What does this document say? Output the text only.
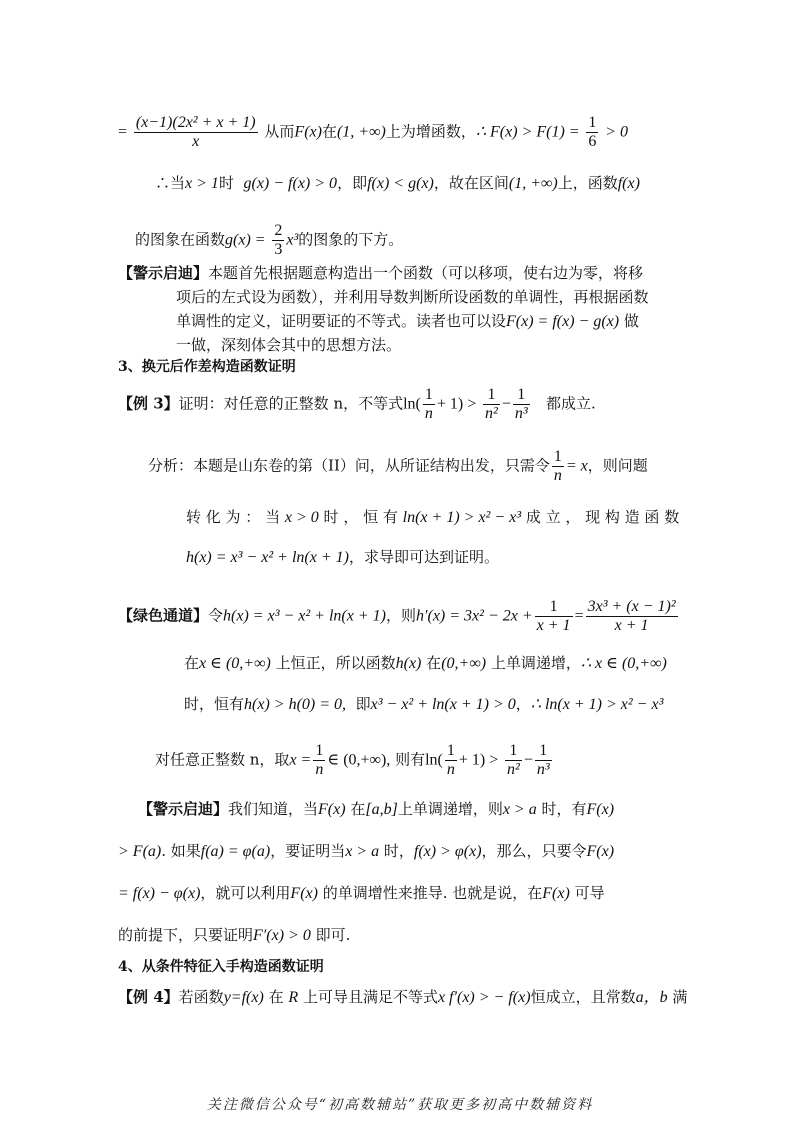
= $\frac{\text{(x−1)(2x² + x + 1)}}{x}$ 从而F(x)在(1, +∞)上为增函数，∴ $F(x) > F(1) = \frac{1}{6} > 0$
∴当x > 1时 g(x) − f(x) > 0，即f(x) < g(x)，故在区间(1, +∞)上，函数f(x)
的图象在函数$g(x) = \frac{2}{3} x^3$的图象的下方。
【警示启迪】本题首先根据题意构造出一个函数（可以移项，使右边为零，将移
项后的左式设为函数），并利用导数判断所设函数的单调性，再根据函数
单调性的定义，证明要证的不等式。读者也可以设F(x) = f(x) − g(x) 做
一做，深刻体会其中的思想方法。
3、换元后作差构造函数证明
【例 3】证明：对任意的正整数 n，不等式$\ln( \frac{1}{n} + 1) > \frac{1}{\text{n²}} - \frac{1}{\text{n³}}$ 都成立.
分析：本题是山东卷的第（II）问，从所证结构出发，只需令 $\frac{1}{n} = x$，则问题
转 化 为 ： 当 x > 0 时 ， 恒 有 ln(x + 1) > x² − x³ 成 立 ， 现 构 造 函 数
h(x) = x³ − x² + ln(x + 1)，求导即可达到证明。
【绿色通道】令h(x) = x³ − x² + ln(x + 1)，则$h'(x) = 3x^2 - 2x + \frac{1}{x + 1} = \frac{\text{3x³ + (x − 1)²}}{x + 1}$
在x ∈ (0,+∞) 上恒正，所以函数h(x) 在(0,+∞) 上单调递增，∴ x ∈ (0,+∞)
时，恒有h(x) > h(0) = 0, 即x³ − x² + ln(x + 1) > 0，∴ ln(x + 1) > x² − x³
对任意正整数 n，取$x = \frac{1}{n}$ ∈ (0,+∞), 则有$\ln( \frac{1}{n} + 1) > \frac{1}{\text{n²}} - \frac{1}{\text{n³}}$
【警示启迪】我们知道，当F(x) 在[a,b]上单调递增，则x > a 时，有F(x)
> F(a). 如果f(a) = φ(a)，要证明当x > a 时，f(x) > φ(x)，那么，只要令F(x)
= f(x) − φ(x)，就可以利用F(x) 的单调增性来推导. 也就是说，在F(x) 可导
的前提下，只要证明F′(x) > 0 即可.
4、从条件特征入手构造函数证明
【例 4】若函数y=f(x) 在 R 上可导且满足不等式x f′(x) > − f(x)恒成立，且常数a，b 满
关注微信公众号“初高数辅站”获取更多初高中数辅资料
